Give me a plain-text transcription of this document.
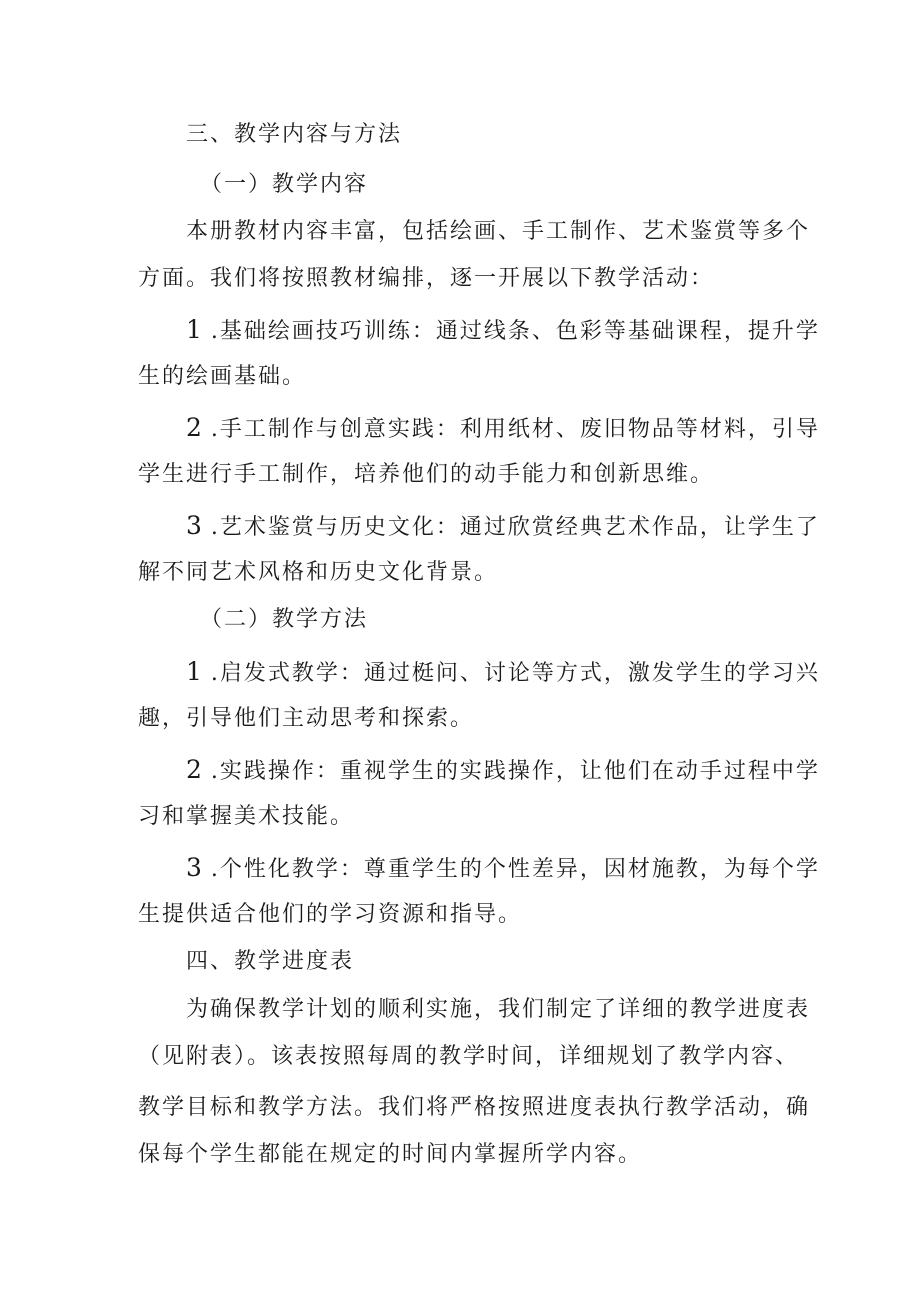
三、教学内容与方法
（一）教学内容
本册教材内容丰富，包括绘画、手工制作、艺术鉴赏等多个
方面。我们将按照教材编排，逐一开展以下教学活动：
1 .基础绘画技巧训练：通过线条、色彩等基础课程，提升学
生的绘画基础。
2 .手工制作与创意实践：利用纸材、废旧物品等材料，引导
学生进行手工制作，培养他们的动手能力和创新思维。
3 .艺术鉴赏与历史文化：通过欣赏经典艺术作品，让学生了
解不同艺术风格和历史文化背景。
（二）教学方法
1 .启发式教学：通过梃问、讨论等方式，激发学生的学习兴
趣，引导他们主动思考和探索。
2 .实践操作：重视学生的实践操作，让他们在动手过程中学
习和掌握美术技能。
3 .个性化教学：尊重学生的个性差异，因材施教，为每个学
生提供适合他们的学习资源和指导。
四、教学进度表
为确保教学计划的顺利实施，我们制定了详细的教学进度表
（见附表）。该表按照每周的教学时间，详细规划了教学内容、
教学目标和教学方法。我们将严格按照进度表执行教学活动，确
保每个学生都能在规定的时间内掌握所学内容。
